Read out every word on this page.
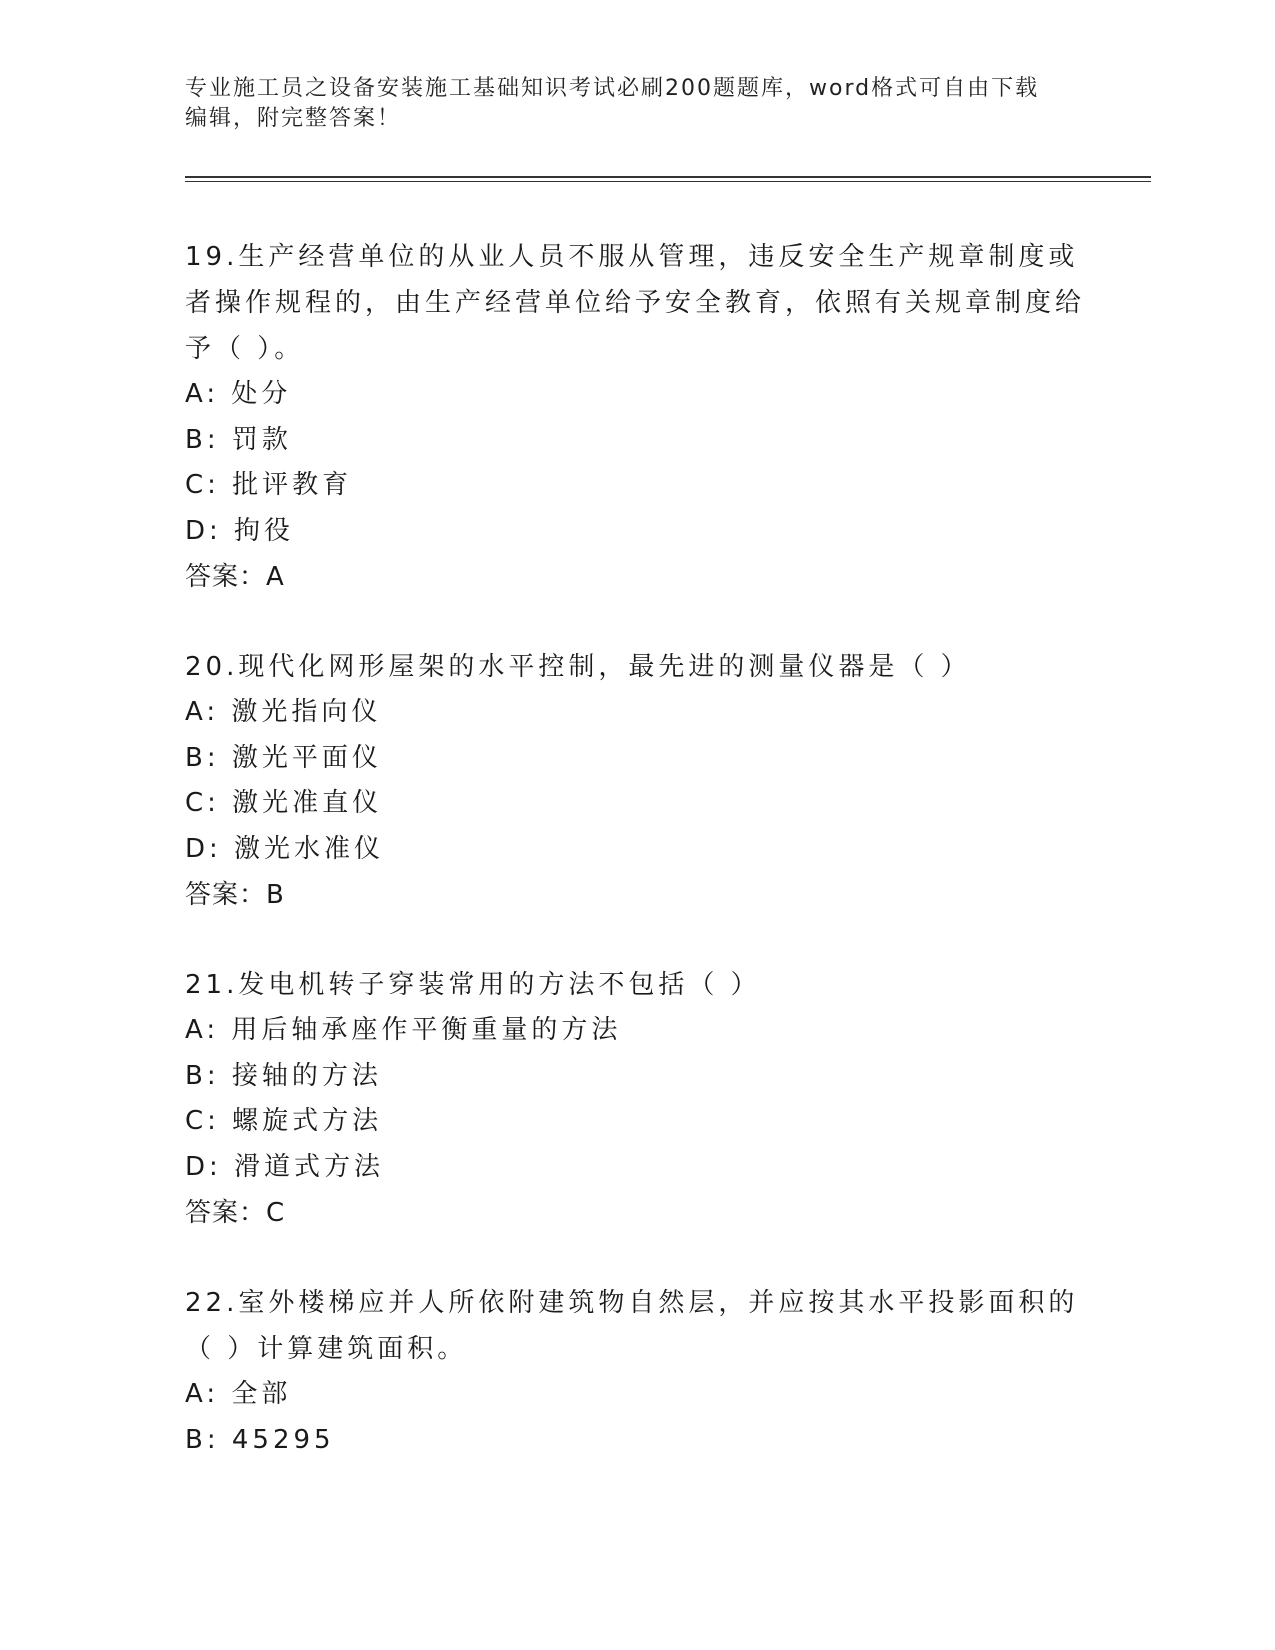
专业施工员之设备安装施工基础知识考试必刷200题题库，word格式可自由下载
编辑，附完整答案！
19.生产经营单位的从业人员不服从管理，违反安全生产规章制度或者操作规程的，由生产经营单位给予安全教育，依照有关规章制度给予（ ）。
A: 处分
B: 罚款
C: 批评教育
D: 拘役
答案：A
20.现代化网形屋架的水平控制，最先进的测量仪器是（ ）
A: 激光指向仪
B: 激光平面仪
C: 激光准直仪
D: 激光水准仪
答案：B
21.发电机转子穿装常用的方法不包括（ ）
A: 用后轴承座作平衡重量的方法
B: 接轴的方法
C: 螺旋式方法
D: 滑道式方法
答案：C
22.室外楼梯应并人所依附建筑物自然层，并应按其水平投影面积的（ ）计算建筑面积。
A: 全部
B: 45295
